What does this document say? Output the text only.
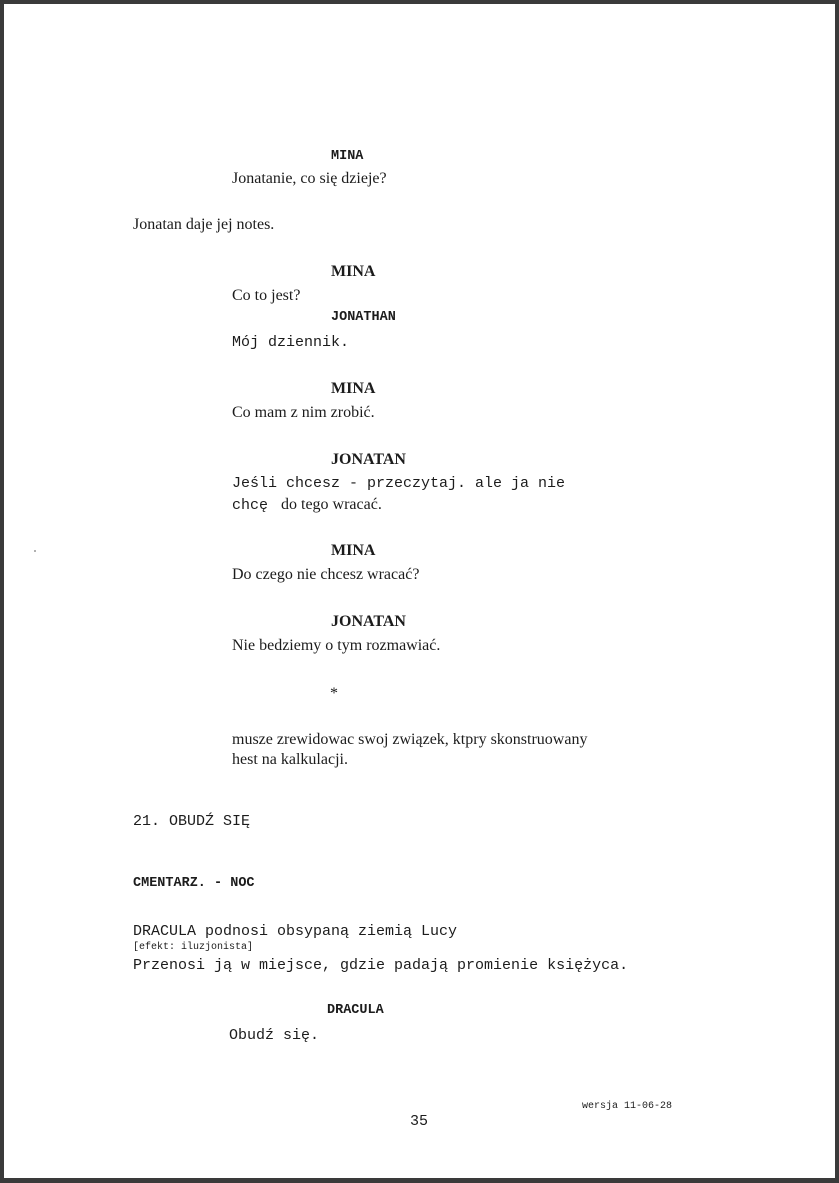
MINA
Jonatanie, co się dzieje?
Jonatan daje jej notes.
MINA
Co to jest?
JONATHAN
Mój dziennik.
MINA
Co mam z nim zrobić.
JONATAN
Jeśli chcesz - przeczytaj. ale ja nie
chcę do tego wracać.
MINA
Do czego nie chcesz wracać?
JONATAN
Nie bedziemy o tym rozmawiać.
*
musze zrewidowac swoj związek, ktpry skonstruowany
hest na kalkulacji.
21. OBUDŹ SIĘ
CMENTARZ. - NOC
DRACULA podnosi obsypaną ziemią Lucy
[efekt: iluzjonista]
Przenosi ją w miejsce, gdzie padają promienie księżyca.
DRACULA
Obudź się.
wersja 11-06-28
35
